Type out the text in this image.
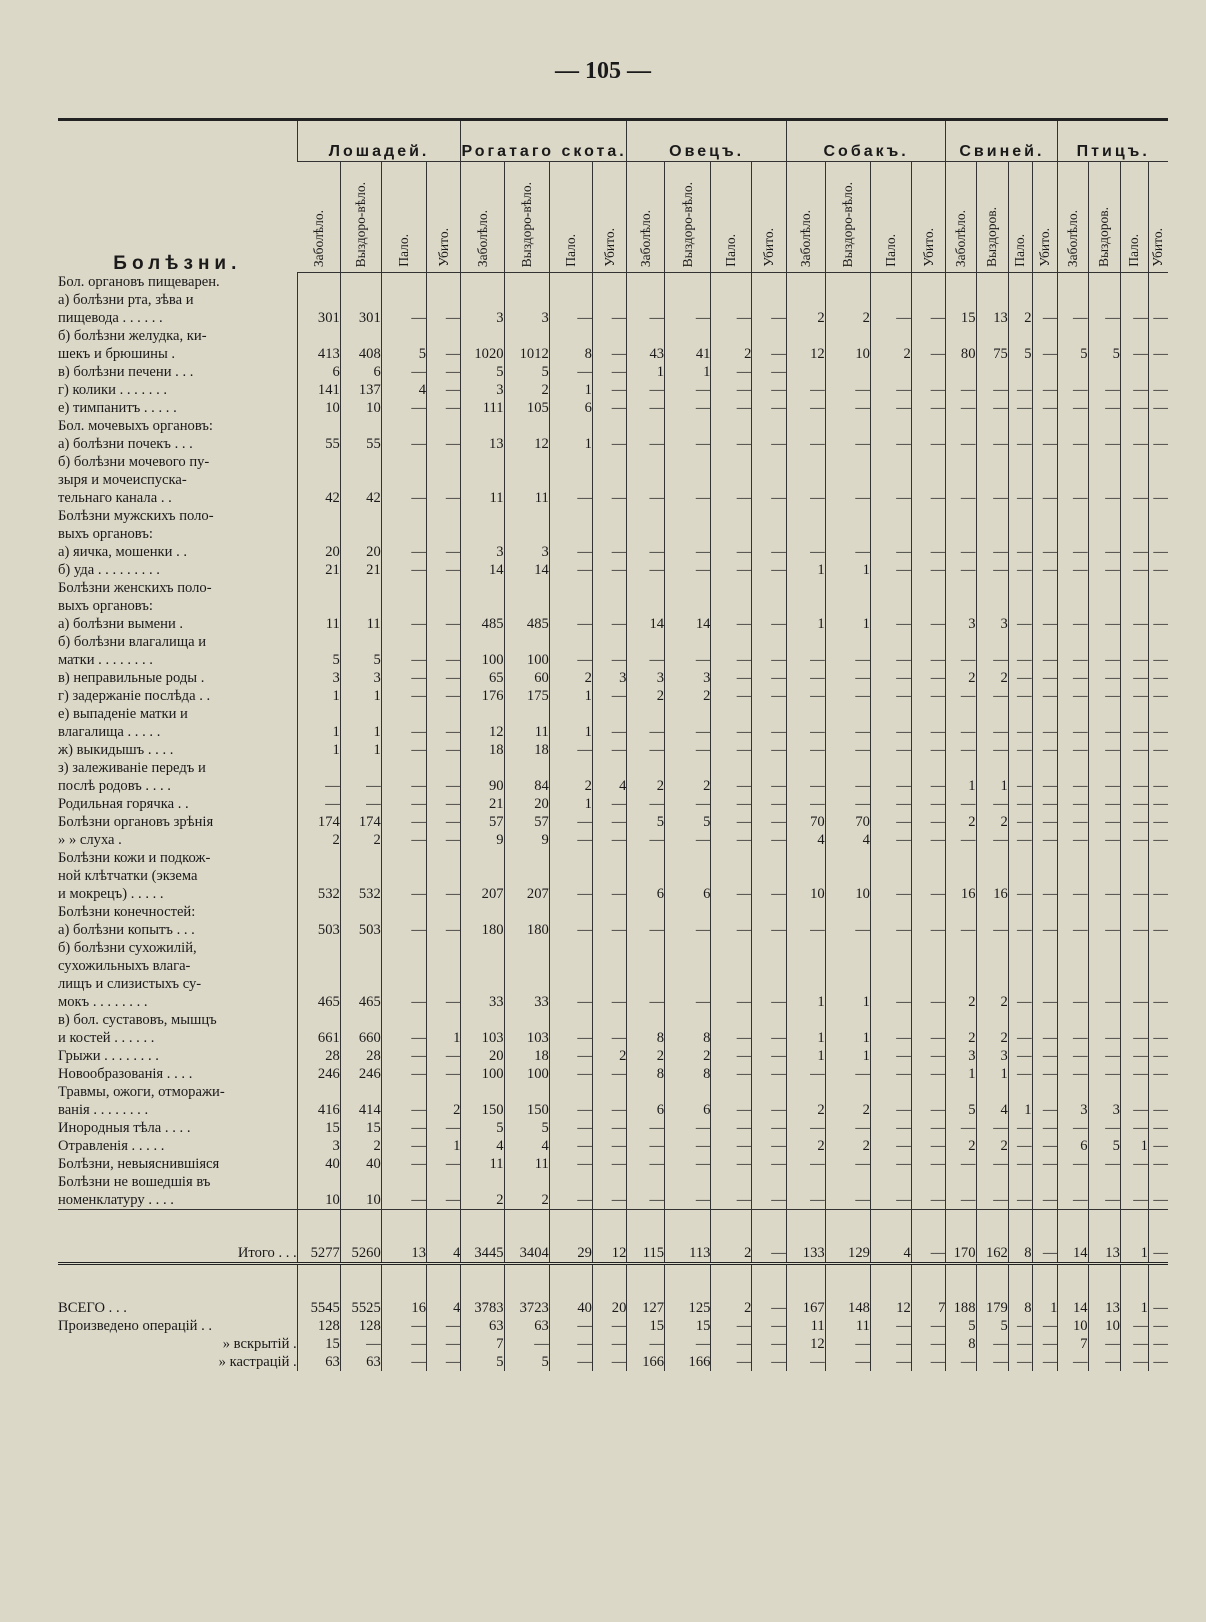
— 105 —
Болѣзни.	Лошадей.				Рогатаго скота.				Овецъ.				Собакъ.				Свиней.				Птицъ.			
	Заболѣло.	Выздоро-вѣло.	Пало.	Убито.	Заболѣло.	Выздоро-вѣло.	Пало.	Убито.	Заболѣло.	Выздоро-вѣло.	Пало.	Убито.	Заболѣло.	Выздоро-вѣло.	Пало.	Убито.	Заболѣло.	Выздоров.	Пало.	Убито.	Заболѣло.	Выздоров.	Пало.	Убито.
Бол. органовъ пищеварен.																								
а) болѣзни рта, зѣва и																								
пищевода . . . . . .	301	301	—	—	3	3	—	—	—	—	—	—	2	2	—	—	15	13	2	—	—	—	—	—
б) болѣзни желудка, ки-																								
шекъ и брюшины .	413	408	5	—	1020	1012	8	—	43	41	2	—	12	10	2	—	80	75	5	—	5	5	—	—
в) болѣзни печени . . .	6	6	—	—	5	5	—	—	1	1	—	—												
г) колики . . . . . . .	141	137	4	—	3	2	1	—	—	—	—	—	—	—	—	—	—	—	—	—	—	—	—	—
е) тимпанитъ . . . . .	10	10	—	—	111	105	6	—	—	—	—	—	—	—	—	—	—	—	—	—	—	—	—	—
Бол. мочевыхъ органовъ:																								
а) болѣзни почекъ . . .	55	55	—	—	13	12	1	—	—	—	—	—	—	—	—	—	—	—	—	—	—	—	—	—
б) болѣзни мочевого пу-																								
зыря и мочеиспуска-																								
тельнаго канала . .	42	42	—	—	11	11	—	—	—	—	—	—	—	—	—	—	—	—	—	—	—	—	—	—
Болѣзни мужскихъ поло-																								
выхъ органовъ:																								
а) яичка, мошенки . .	20	20	—	—	3	3	—	—	—	—	—	—	—	—	—	—	—	—	—	—	—	—	—	—
б) уда . . . . . . . . .	21	21	—	—	14	14	—	—	—	—	—	—	1	1	—	—	—	—	—	—	—	—	—	—
Болѣзни женскихъ поло-																								
выхъ органовъ:																								
а) болѣзни вымени .	11	11	—	—	485	485	—	—	14	14	—	—	1	1	—	—	3	3	—	—	—	—	—	—
б) болѣзни влагалища и																								
матки . . . . . . . .	5	5	—	—	100	100	—	—	—	—	—	—	—	—	—	—	—	—	—	—	—	—	—	—
в) неправильные роды .	3	3	—	—	65	60	2	3	3	3	—	—	—	—	—	—	2	2	—	—	—	—	—	—
г) задержаніе послѣда . .	1	1	—	—	176	175	1	—	2	2	—	—	—	—	—	—	—	—	—	—	—	—	—	—
е) выпаденіе матки и																								
влагалища . . . . .	1	1	—	—	12	11	1	—	—	—	—	—	—	—	—	—	—	—	—	—	—	—	—	—
ж) выкидышъ . . . .	1	1	—	—	18	18	—	—	—	—	—	—	—	—	—	—	—	—	—	—	—	—	—	—
з) залеживаніе передъ и																								
послѣ родовъ . . . .	—	—	—	—	90	84	2	4	2	2	—	—	—	—	—	—	1	1	—	—	—	—	—	—
Родильная горячка . .	—	—	—	—	21	20	1	—	—	—	—	—	—	—	—	—	—	—	—	—	—	—	—	—
Болѣзни органовъ зрѣнія	174	174	—	—	57	57	—	—	5	5	—	—	70	70	—	—	2	2	—	—	—	—	—	—
» » слуха .	2	2	—	—	9	9	—	—	—	—	—	—	4	4	—	—	—	—	—	—	—	—	—	—
Болѣзни кожи и подкож-																								
ной клѣтчатки (экзема																								
и мокрецъ) . . . . .	532	532	—	—	207	207	—	—	6	6	—	—	10	10	—	—	16	16	—	—	—	—	—	—
Болѣзни конечностей:																								
а) болѣзни копытъ . . .	503	503	—	—	180	180	—	—	—	—	—	—	—	—	—	—	—	—	—	—	—	—	—	—
б) болѣзни сухожилій,																								
сухожильныхъ влага-																								
лищъ и слизистыхъ су-																								
мокъ . . . . . . . .	465	465	—	—	33	33	—	—	—	—	—	—	1	1	—	—	2	2	—	—	—	—	—	—
в) бол. суставовъ, мышцъ																								
и костей . . . . . .	661	660	—	1	103	103	—	—	8	8	—	—	1	1	—	—	2	2	—	—	—	—	—	—
Грыжи . . . . . . . .	28	28	—	—	20	18	—	2	2	2	—	—	1	1	—	—	3	3	—	—	—	—	—	—
Новообразованія . . . .	246	246	—	—	100	100	—	—	8	8	—	—	—	—	—	—	1	1	—	—	—	—	—	—
Травмы, ожоги, отморажи-																								
ванія . . . . . . . .	416	414	—	2	150	150	—	—	6	6	—	—	2	2	—	—	5	4	1	—	3	3	—	—
Инородныя тѣла . . . .	15	15	—	—	5	5	—	—	—	—	—	—	—	—	—	—	—	—	—	—	—	—	—	—
Отравленія . . . . .	3	2	—	1	4	4	—	—	—	—	—	—	2	2	—	—	2	2	—	—	6	5	1	—
Болѣзни, невыяснившіяся	40	40	—	—	11	11	—	—	—	—	—	—	—	—	—	—	—	—	—	—	—	—	—	—
Болѣзни не вошедшія въ																								
номенклатуру . . . .	10	10	—	—	2	2	—	—	—	—	—	—	—	—	—	—	—	—	—	—	—	—	—	—
Итого . . .	5277	5260	13	4	3445	3404	29	12	115	113	2	—	133	129	4	—	170	162	8	—	14	13	1	—
ВСЕГО . . .	5545	5525	16	4	3783	3723	40	20	127	125	2	—	167	148	12	7	188	179	8	1	14	13	1	—
Произведено операцій . .	128	128	—	—	63	63	—	—	15	15	—	—	11	11	—	—	5	5	—	—	10	10	—	—
» вскрытій .	15	—	—	—	7	—	—	—	—	—	—	—	12	—	—	—	8	—	—	—	7	—	—	—
» кастрацій .	63	63	—	—	5	5	—	—	166	166	—	—	—	—	—	—	—	—	—	—	—	—	—	—
